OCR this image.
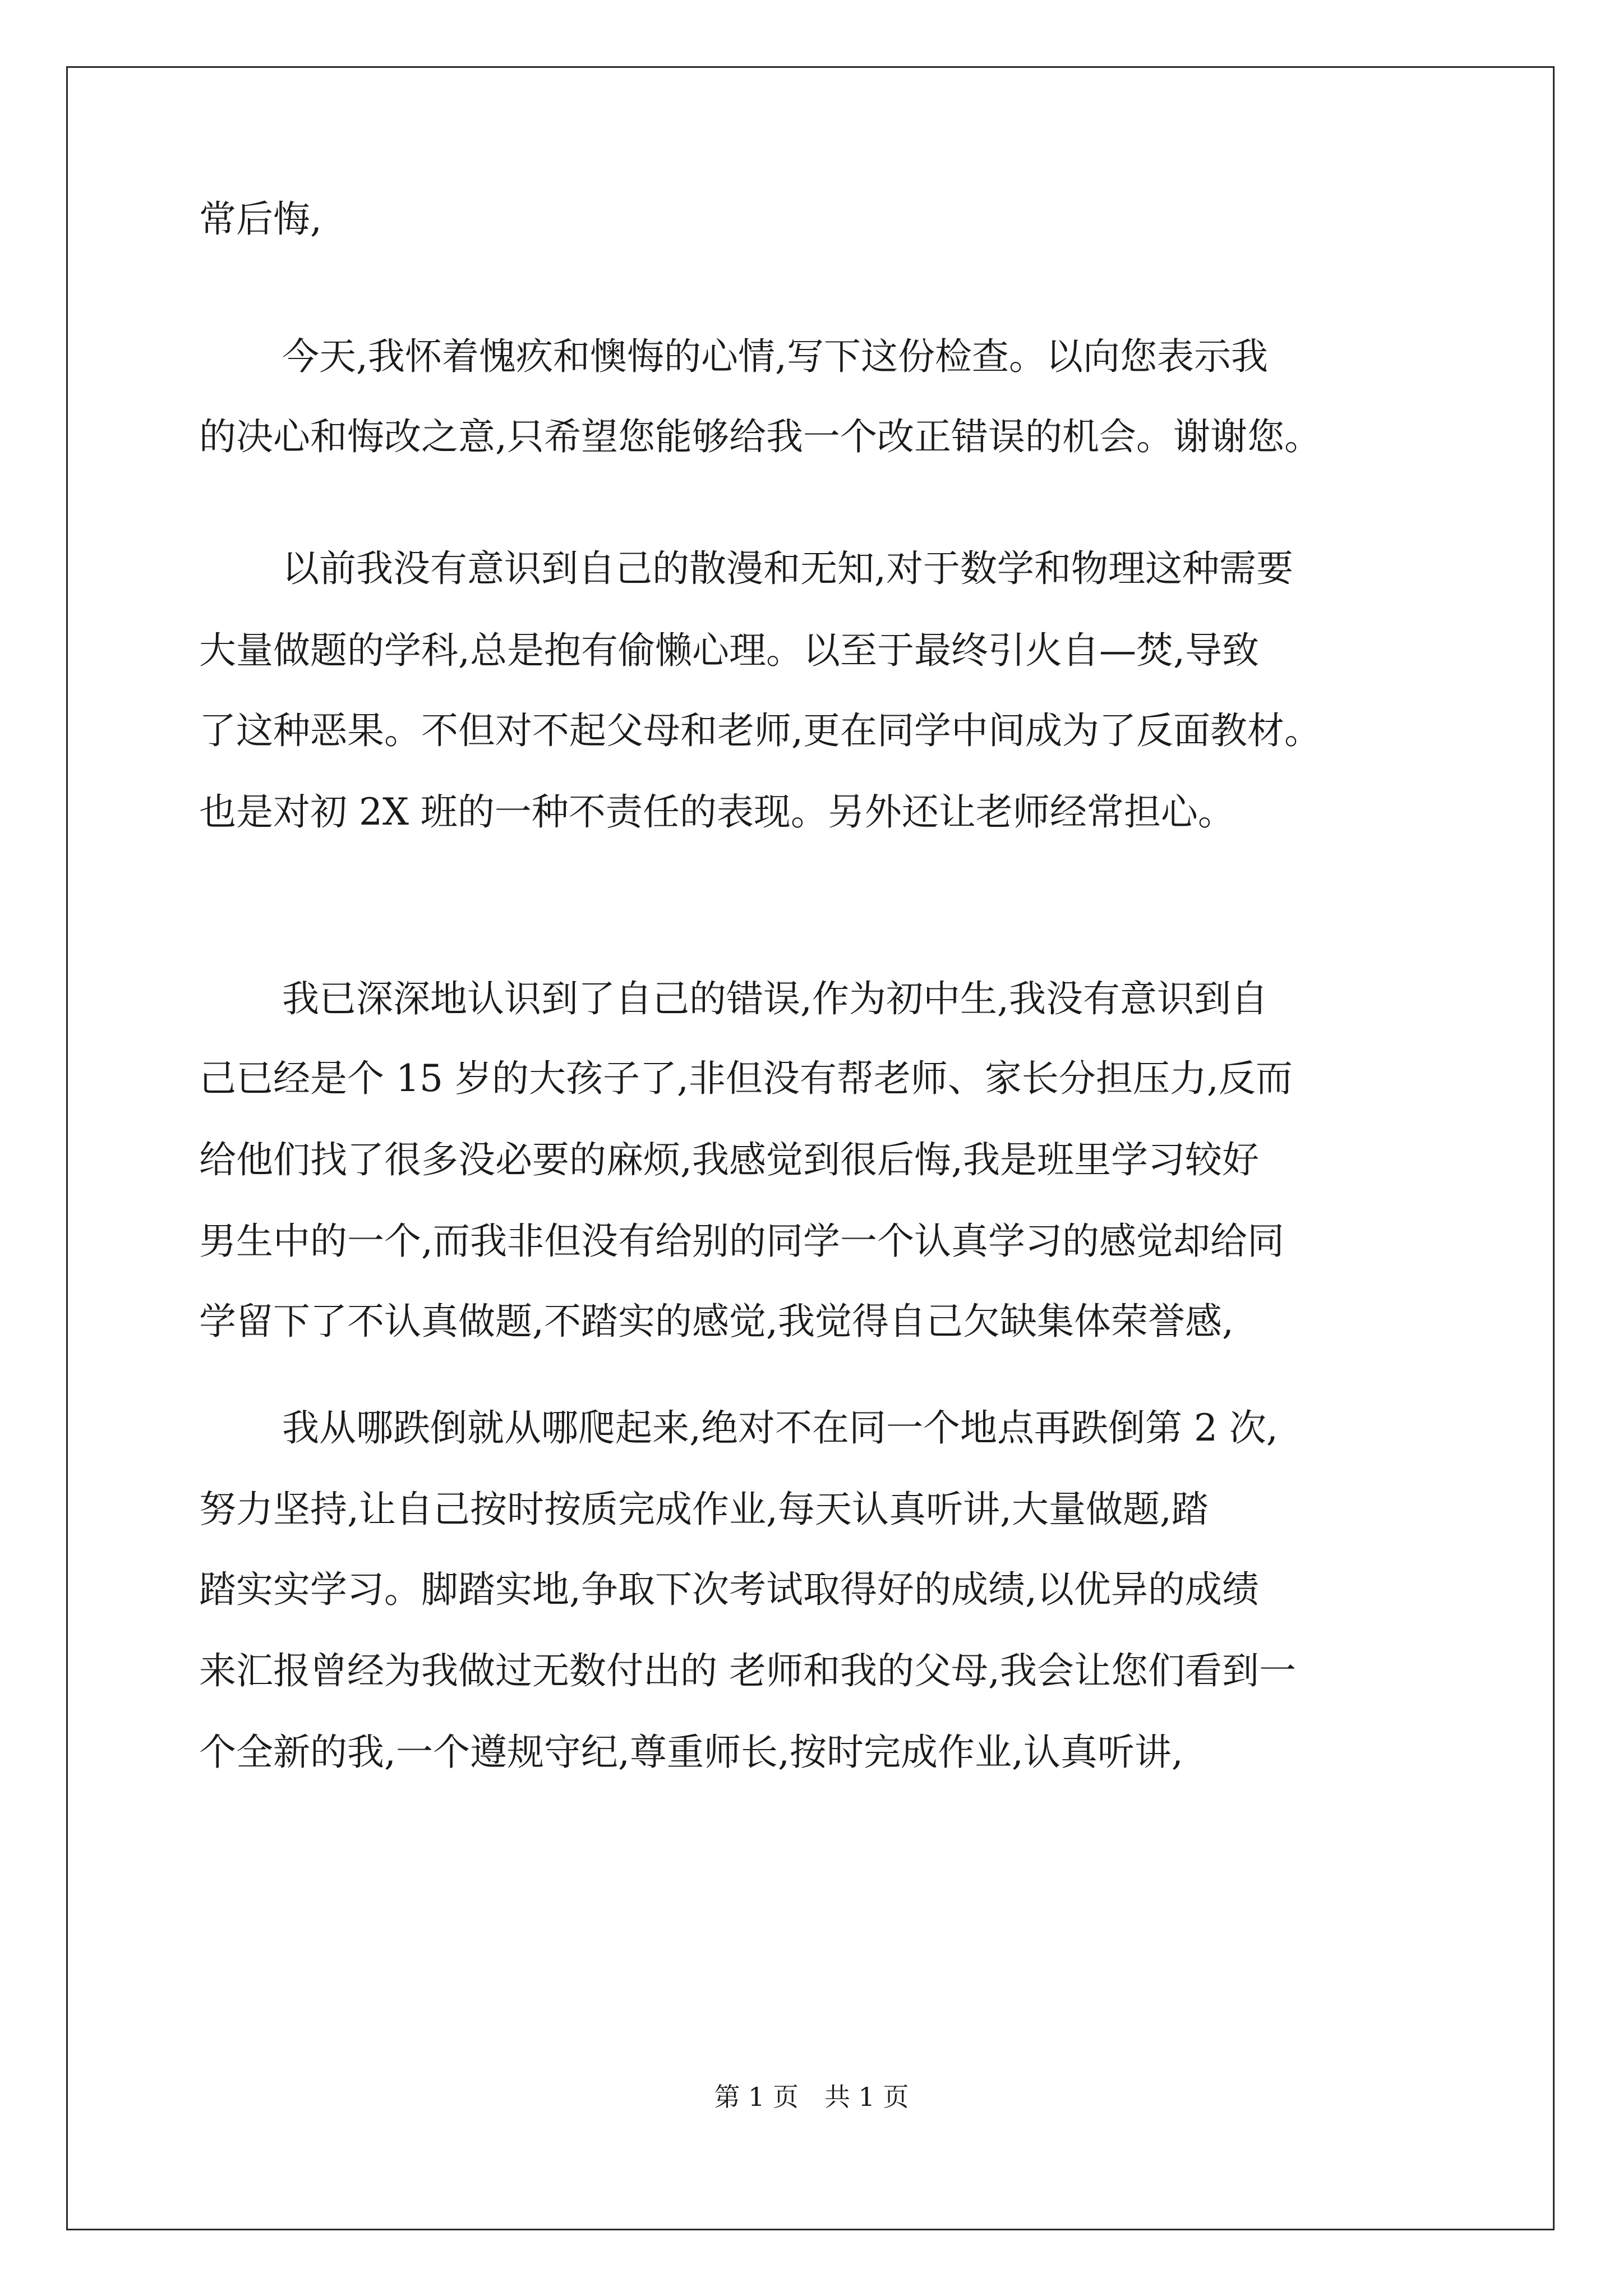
常后悔,
今天,我怀着愧疚和懊悔的心情,写下这份检查。以向您表示我
的决心和悔改之意,只希望您能够给我一个改正错误的机会。谢谢您。
以前我没有意识到自己的散漫和无知,对于数学和物理这种需要
大量做题的学科,总是抱有偷懒心理。以至于最终引火自—焚,导致
了这种恶果。不但对不起父母和老师,更在同学中间成为了反面教材。
也是对初 2X 班的一种不责任的表现。另外还让老师经常担心。
我已深深地认识到了自己的错误,作为初中生,我没有意识到自
己已经是个 15 岁的大孩子了,非但没有帮老师、家长分担压力,反而
给他们找了很多没必要的麻烦,我感觉到很后悔,我是班里学习较好
男生中的一个,而我非但没有给别的同学一个认真学习的感觉却给同
学留下了不认真做题,不踏实的感觉,我觉得自己欠缺集体荣誉感,
我从哪跌倒就从哪爬起来,绝对不在同一个地点再跌倒第 2 次,
努力坚持,让自己按时按质完成作业,每天认真听讲,大量做题,踏
踏实实学习。脚踏实地,争取下次考试取得好的成绩,以优异的成绩
来汇报曾经为我做过无数付出的 老师和我的父母,我会让您们看到一
个全新的我,一个遵规守纪,尊重师长,按时完成作业,认真听讲,
第 1 页　共 1 页
